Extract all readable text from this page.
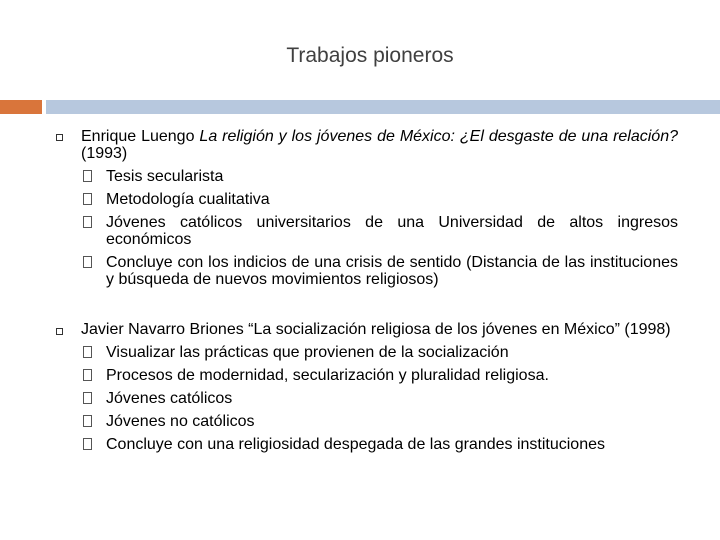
Trabajos pioneros
Enrique Luengo La religión y los jóvenes de México: ¿El desgaste de una relación? (1993)
Tesis secularista
Metodología cualitativa
Jóvenes católicos universitarios de una Universidad de altos ingresos económicos
Concluye con los indicios de una crisis de sentido (Distancia de las instituciones y búsqueda de nuevos movimientos religiosos)
Javier Navarro Briones “La socialización religiosa de los jóvenes en México” (1998)
Visualizar las prácticas que provienen de la socialización
Procesos de modernidad, secularización y pluralidad religiosa.
Jóvenes católicos
Jóvenes no católicos
Concluye con una religiosidad despegada de las grandes instituciones
